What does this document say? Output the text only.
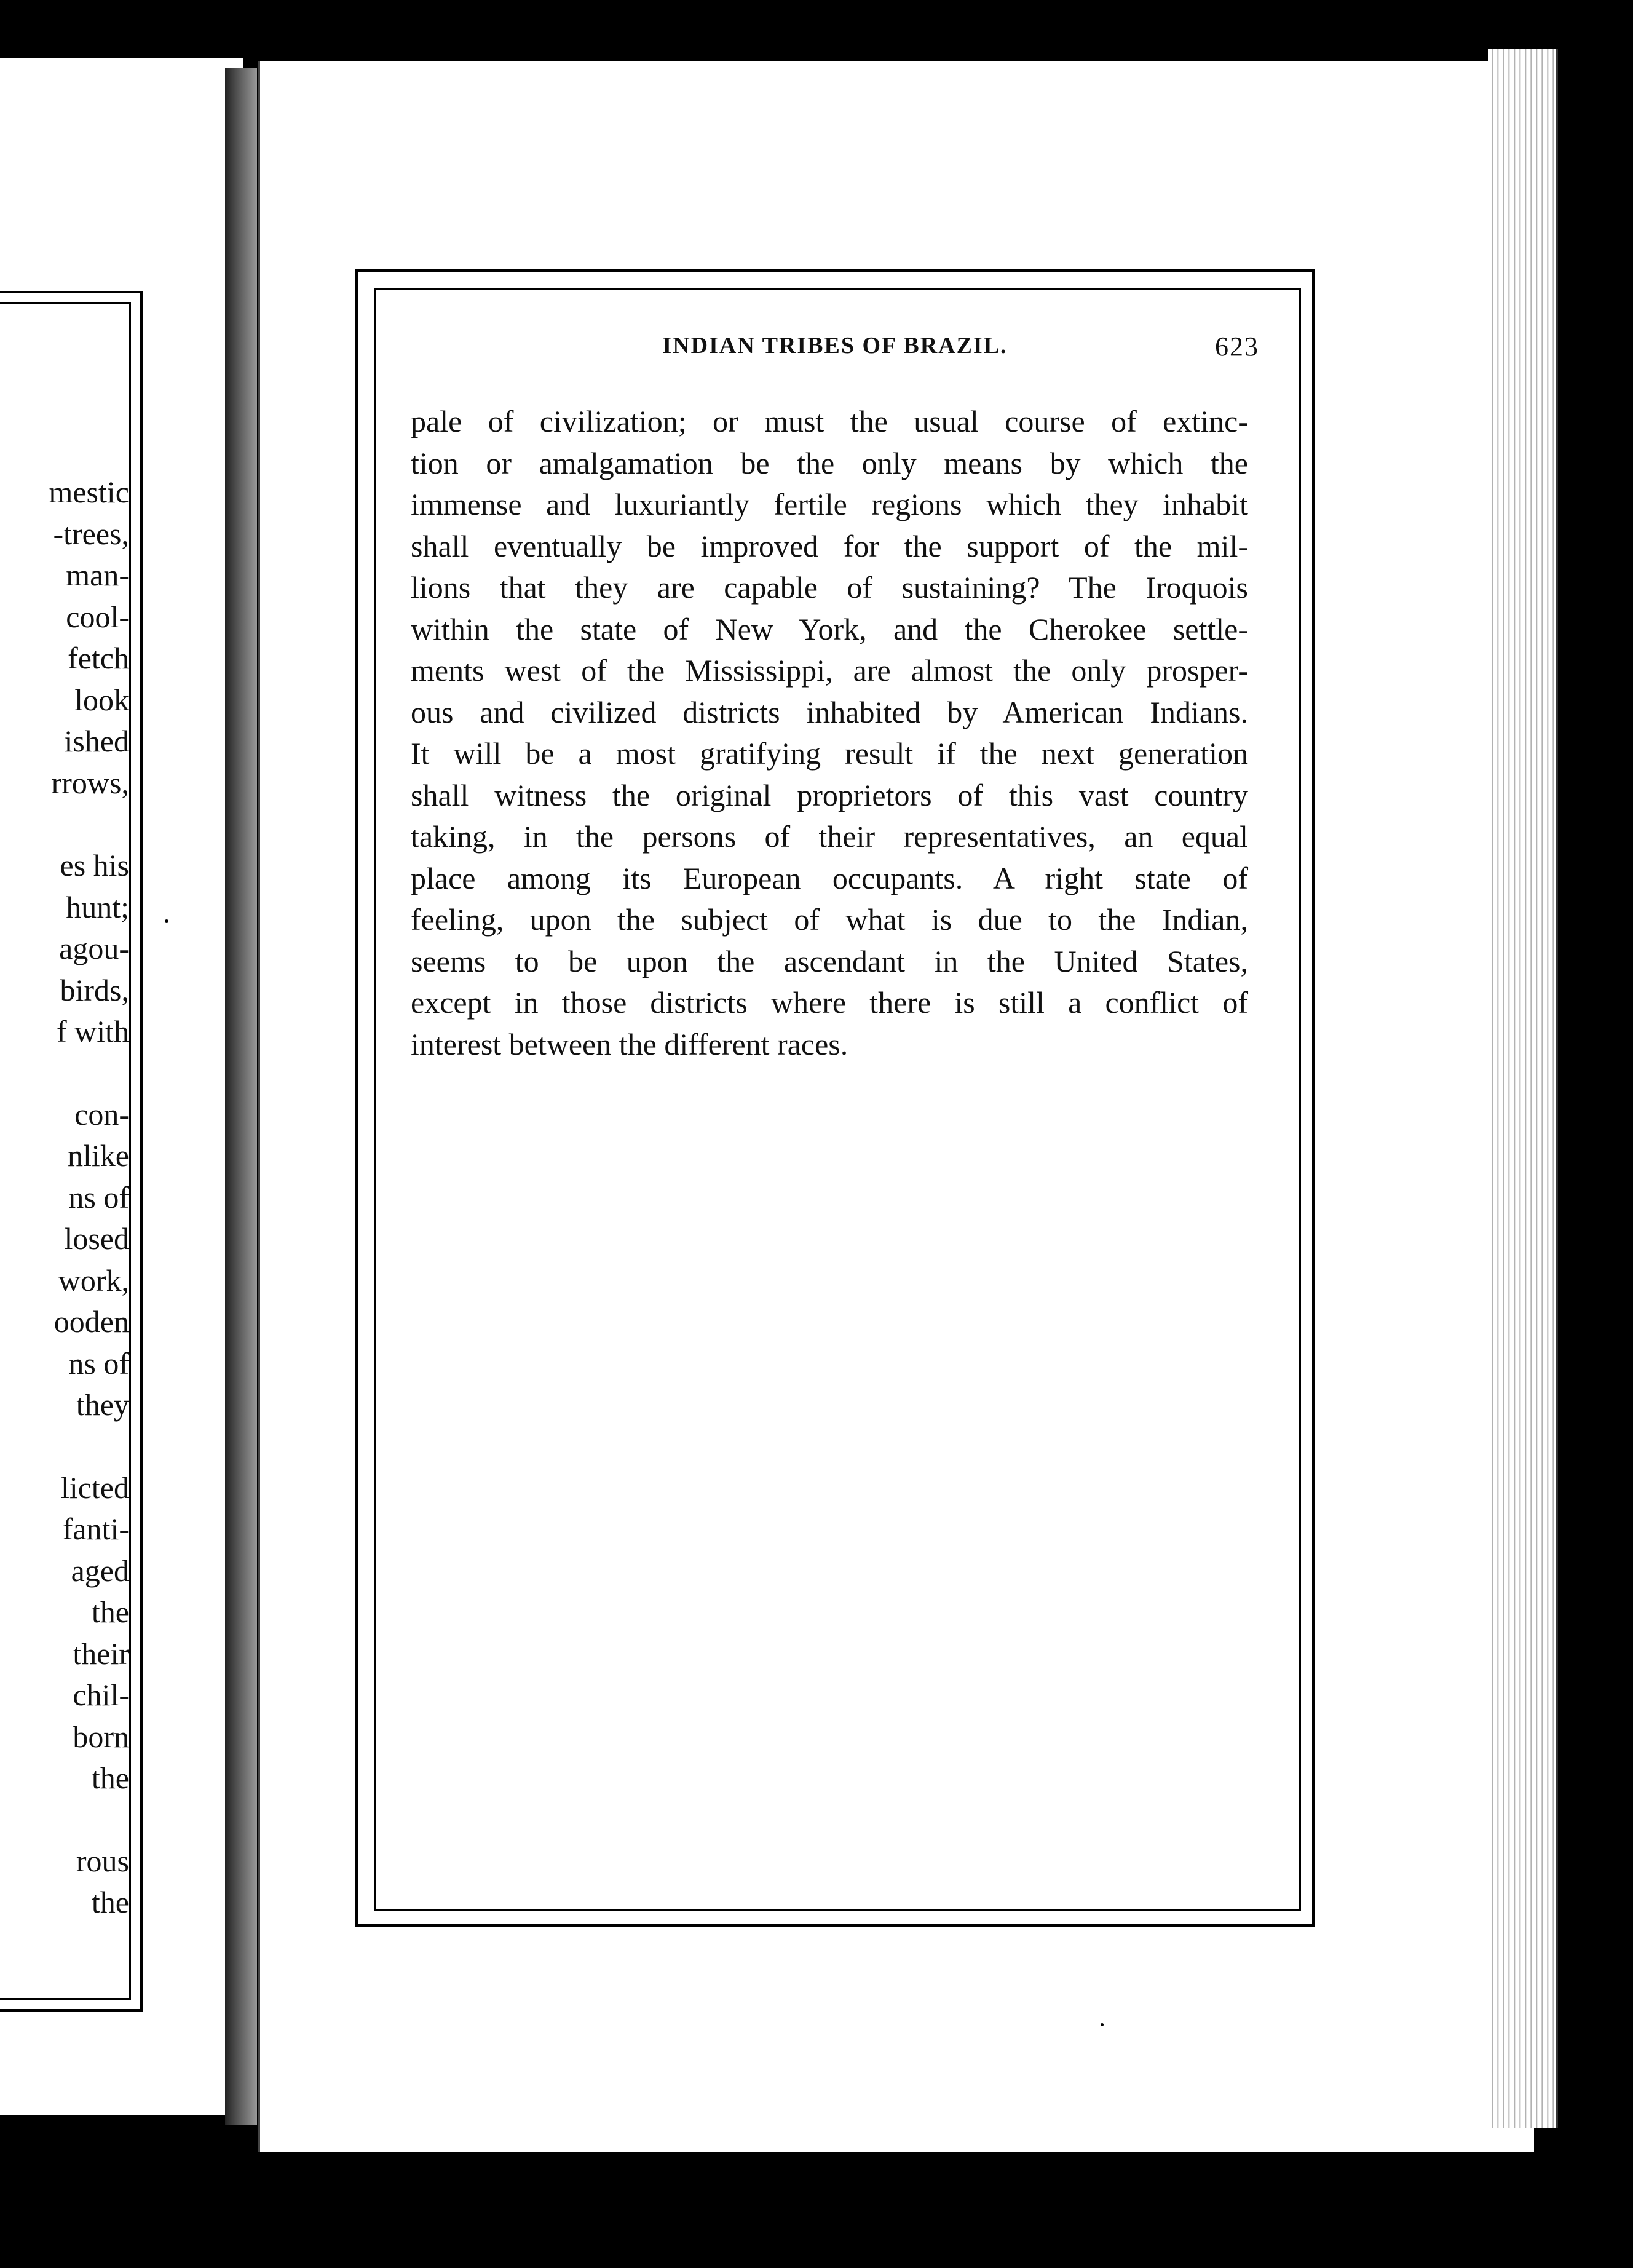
mestic
-trees,
man-
cool-
fetch
look
ished
rrows,
es his
hunt;
agou-
birds,
f with
con-
nlike
ns of
losed
work,
ooden
ns of
they
licted
fanti-
aged
the
their
chil-
born
the
rous
the
INDIAN TRIBES OF BRAZIL.	623
pale of civilization; or must the usual course of extinc-
tion or amalgamation be the only means by which the
immense and luxuriantly fertile regions which they inhabit
shall eventually be improved for the support of the mil-
lions that they are capable of sustaining? The Iroquois
within the state of New York, and the Cherokee settle-
ments west of the Mississippi, are almost the only prosper-
ous and civilized districts inhabited by American Indians.
It will be a most gratifying result if the next generation
shall witness the original proprietors of this vast country
taking, in the persons of their representatives, an equal
place among its European occupants. A right state of
feeling, upon the subject of what is due to the Indian,
seems to be upon the ascendant in the United States,
except in those districts where there is still a conflict of
interest between the different races.
